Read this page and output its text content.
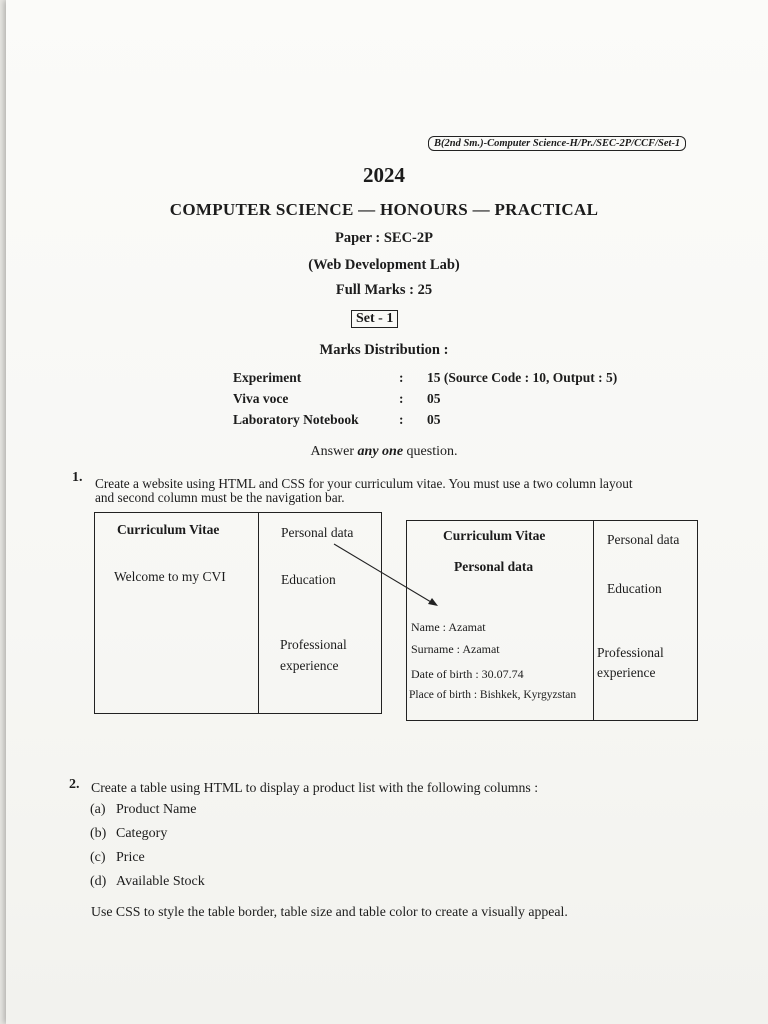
B(2nd Sm.)-Computer Science-H/Pr./SEC-2P/CCF/Set-1
2024
COMPUTER SCIENCE — HONOURS — PRACTICAL
Paper : SEC-2P
(Web Development Lab)
Full Marks : 25
Set - 1
Marks Distribution :
Experiment	: 15 (Source Code : 10, Output : 5)
Viva voce	: 05
Laboratory Notebook	: 05
Answer any one question.
1. Create a website using HTML and CSS for your curriculum vitae. You must use a two column layout
and second column must be the navigation bar.
Curriculum Vitae
Welcome to my CVI
Personal data
Education
Professional
experience
Curriculum Vitae
Personal data
Name : Azamat
Surname : Azamat
Date of birth : 30.07.74
Place of birth : Bishkek, Kyrgyzstan
Personal data
Education
Professional
experience
2. Create a table using HTML to display a product list with the following columns :
(a) Product Name
(b) Category
(c) Price
(d) Available Stock
Use CSS to style the table border, table size and table color to create a visually appeal.
